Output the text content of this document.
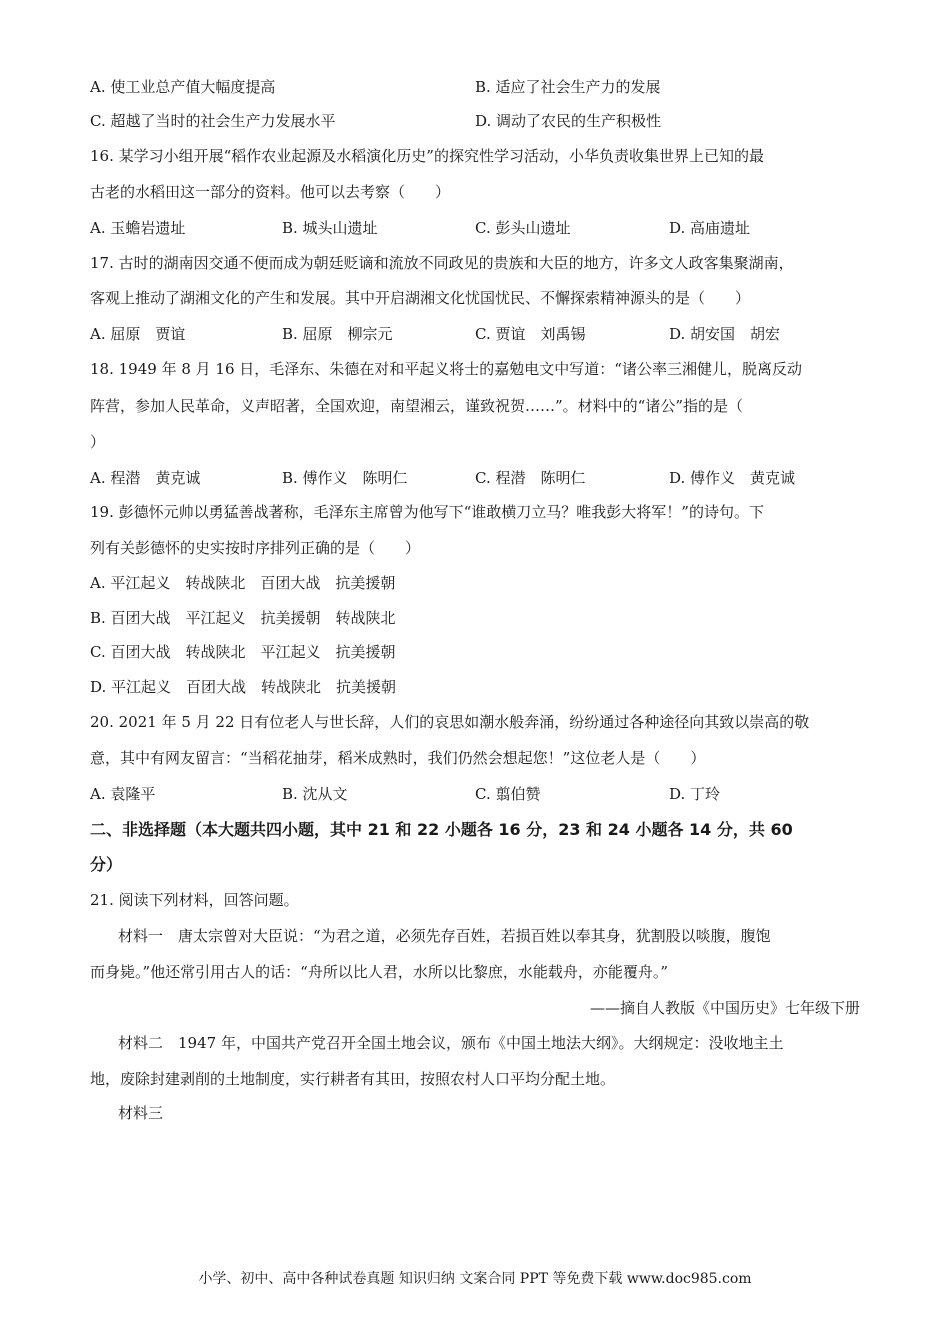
A. 使工业总产值大幅度提高	B. 适应了社会生产力的发展
C. 超越了当时的社会生产力发展水平	D. 调动了农民的生产积极性
16. 某学习小组开展“稻作农业起源及水稻演化历史”的探究性学习活动，小华负责收集世界上已知的最
古老的水稻田这一部分的资料。他可以去考察（　　）
A. 玉蟾岩遗址	B. 城头山遗址	C. 彭头山遗址	D. 高庙遗址
17. 古时的湖南因交通不便而成为朝廷贬谪和流放不同政见的贵族和大臣的地方，许多文人政客集聚湖南，
客观上推动了湖湘文化的产生和发展。其中开启湖湘文化忧国忧民、不懈探索精神源头的是（　　）
A. 屈原　贾谊	B. 屈原　柳宗元	C. 贾谊　刘禹锡	D. 胡安国　胡宏
18. 1949 年 8 月 16 日，毛泽东、朱德在对和平起义将士的嘉勉电文中写道：“诸公率三湘健儿，脱离反动
阵营，参加人民革命，义声昭著，全国欢迎，南望湘云，谨致祝贺……”。材料中的“诸公”指的是（
）
A. 程潜　黄克诚	B. 傅作义　陈明仁	C. 程潜　陈明仁	D. 傅作义　黄克诚
19. 彭德怀元帅以勇猛善战著称，毛泽东主席曾为他写下“谁敢横刀立马？唯我彭大将军！”的诗句。下
列有关彭德怀的史实按时序排列正确的是（　　）
A. 平江起义　转战陕北　百团大战　抗美援朝
B. 百团大战　平江起义　抗美援朝　转战陕北
C. 百团大战　转战陕北　平江起义　抗美援朝
D. 平江起义　百团大战　转战陕北　抗美援朝
20. 2021 年 5 月 22 日有位老人与世长辞，人们的哀思如潮水般奔涌，纷纷通过各种途径向其致以崇高的敬
意，其中有网友留言：“当稻花抽芽，稻米成熟时，我们仍然会想起您！”这位老人是（　　）
A. 袁隆平	B. 沈从文	C. 翦伯赞	D. 丁玲
二、非选择题（本大题共四小题，其中 21 和 22 小题各 16 分，23 和 24 小题各 14 分，共 60
分）
21. 阅读下列材料，回答问题。
材料一　唐太宗曾对大臣说：“为君之道，必须先存百姓，若损百姓以奉其身，犹割股以啖腹，腹饱
而身毙。”他还常引用古人的话：“舟所以比人君，水所以比黎庶，水能载舟，亦能覆舟。”
——摘自人教版《中国历史》七年级下册
材料二　1947 年，中国共产党召开全国土地会议，颁布《中国土地法大纲》。大纲规定：没收地主土
地，废除封建剥削的土地制度，实行耕者有其田，按照农村人口平均分配土地。
材料三
小学、初中、高中各种试卷真题 知识归纳 文案合同 PPT 等免费下载 www.doc985.com
